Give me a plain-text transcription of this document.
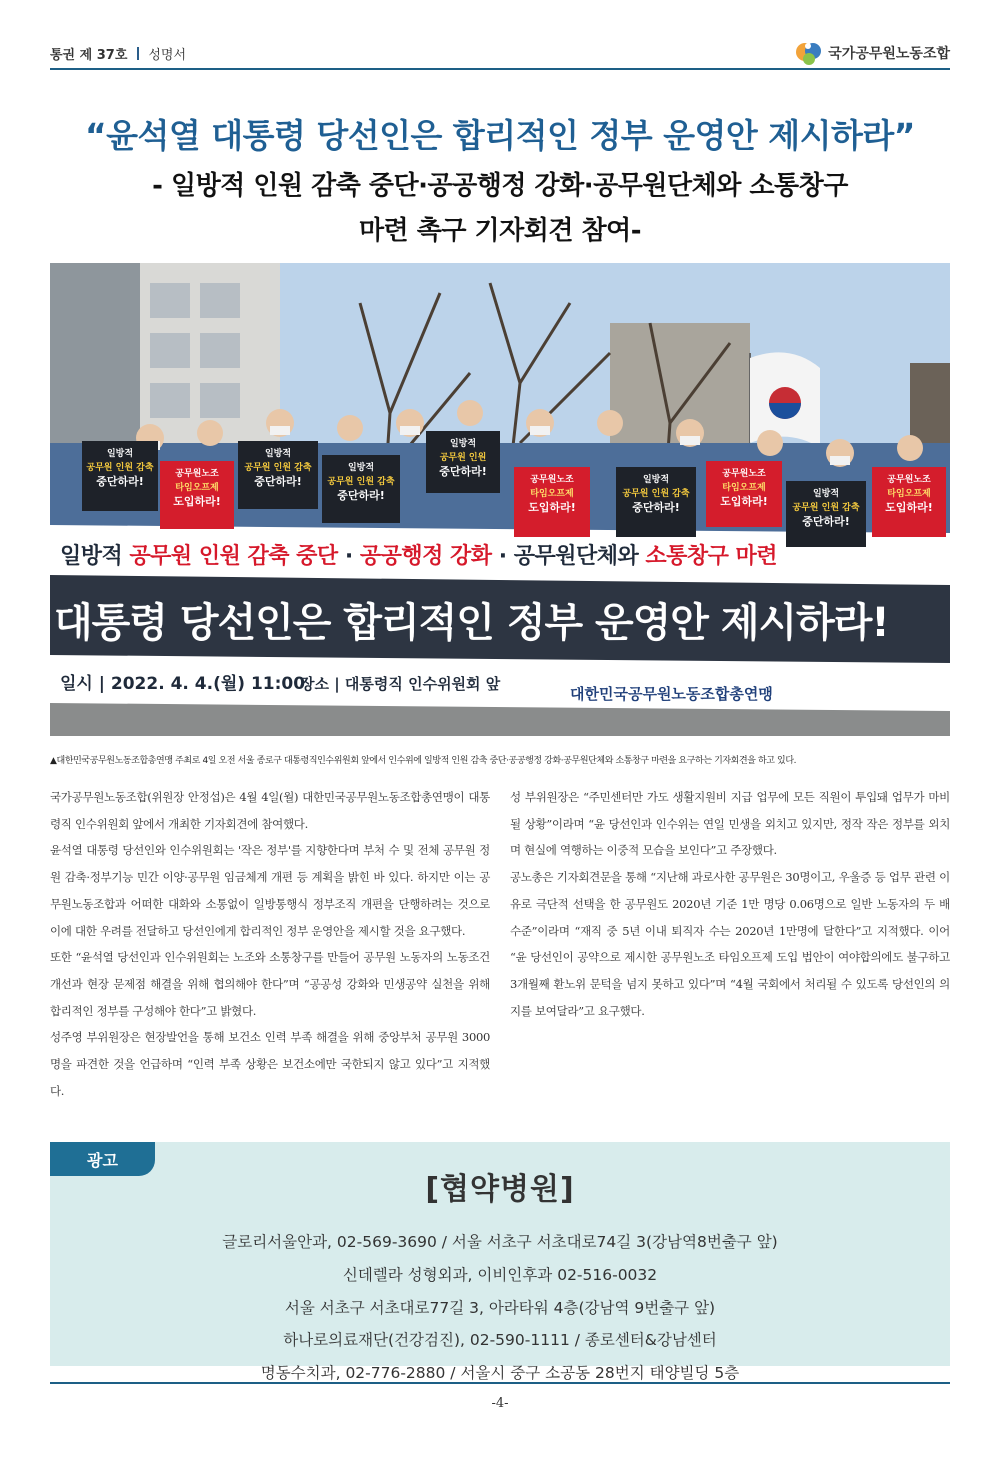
통권 제 37호 성명서	국가공무원노동조합
“윤석열 대통령 당선인은 합리적인 정부 운영안 제시하라”
- 일방적 인원 감축 중단·공공행정 강화·공무원단체와 소통창구
마련 촉구 기자회견 참여-
일방적
공무원 인원 감축
중단하라!
공무원노조
타임오프제
도입하라!
일방적
공무원 인원 감축
중단하라!
일방적
공무원 인원 감축
중단하라!
일방적
공무원 인원
중단하라!
공무원노조
타임오프제
도입하라!
일방적
공무원 인원 감축
중단하라!
공무원노조
타임오프제
도입하라!
일방적
공무원 인원 감축
중단하라!
공무원노조
타임오프제
도입하라!
일방적 공무원 인원 감축 중단 · 공공행정 강화 · 공무원단체와 소통창구 마련
대통령 당선인은 합리적인 정부 운영안 제시하라!
일시 | 2022. 4. 4.(월) 11:00
장소 | 대통령직 인수위원회 앞
대한민국공무원노동조합총연맹
▲대한민국공무원노동조합총연맹 주최로 4일 오전 서울 종로구 대통령직인수위원회 앞에서 인수위에 일방적 인원 감축 중단·공공행정 강화·공무원단체와 소통창구 마련을 요구하는 기자회견을 하고 있다.

국가공무원노동조합(위원장 안정섭)은 4월 4일(월) 대한민국공무원노동조합총연맹이 대통령직 인수위원회 앞에서 개최한 기자회견에 참여했다.

윤석열 대통령 당선인와 인수위원회는 '작은 정부'를 지향한다며 부처 수 및 전체 공무원 정원 감축·정부기능 민간 이양·공무원 임금체계 개편 등 계획을 밝힌 바 있다. 하지만 이는 공무원노동조합과 어떠한 대화와 소통없이 일방통행식 정부조직 개편을 단행하려는 것으로 이에 대한 우려를 전달하고 당선인에게 합리적인 정부 운영안을 제시할 것을 요구했다.

또한 “윤석열 당선인과 인수위원회는 노조와 소통창구를 만들어 공무원 노동자의 노동조건 개선과 현장 문제점 해결을 위해 협의해야 한다”며 “공공성 강화와 민생공약 실천을 위해 합리적인 정부를 구성해야 한다”고 밝혔다.

성주영 부위원장은 현장발언을 통해 보건소 인력 부족 해결을 위해 중앙부처 공무원 3000명을 파견한 것을 언급하며 “인력 부족 상황은 보건소에만 국한되지 않고 있다”고 지적했다.

성 부위원장은 “주민센터만 가도 생활지원비 지급 업무에 모든 직원이 투입돼 업무가 마비될 상황”이라며 “윤 당선인과 인수위는 연일 민생을 외치고 있지만, 정작 작은 정부를 외치며 현실에 역행하는 이중적 모습을 보인다”고 주장했다.

공노총은 기자회견문을 통해 “지난해 과로사한 공무원은 30명이고, 우울증 등 업무 관련 이유로 극단적 선택을 한 공무원도 2020년 기준 1만 명당 0.06명으로 일반 노동자의 두 배 수준”이라며 “재직 중 5년 이내 퇴직자 수는 2020년 1만명에 달한다”고 지적했다. 이어 “윤 당선인이 공약으로 제시한 공무원노조 타임오프제 도입 법안이 여야합의에도 불구하고 3개월째 환노위 문턱을 넘지 못하고 있다”며 “4월 국회에서 처리될 수 있도록 당선인의 의지를 보여달라”고 요구했다.

광고
[협약병원]
글로리서울안과, 02-569-3690 / 서울 서초구 서초대로74길 3(강남역8번출구 앞)
신데렐라 성형외과, 이비인후과 02-516-0032
서울 서초구 서초대로77길 3, 아라타워 4층(강남역 9번출구 앞)
하나로의료재단(건강검진), 02-590-1111 / 종로센터&강남센터
명동수치과, 02-776-2880 / 서울시 중구 소공동 28번지 태양빌딩 5층
-4-
